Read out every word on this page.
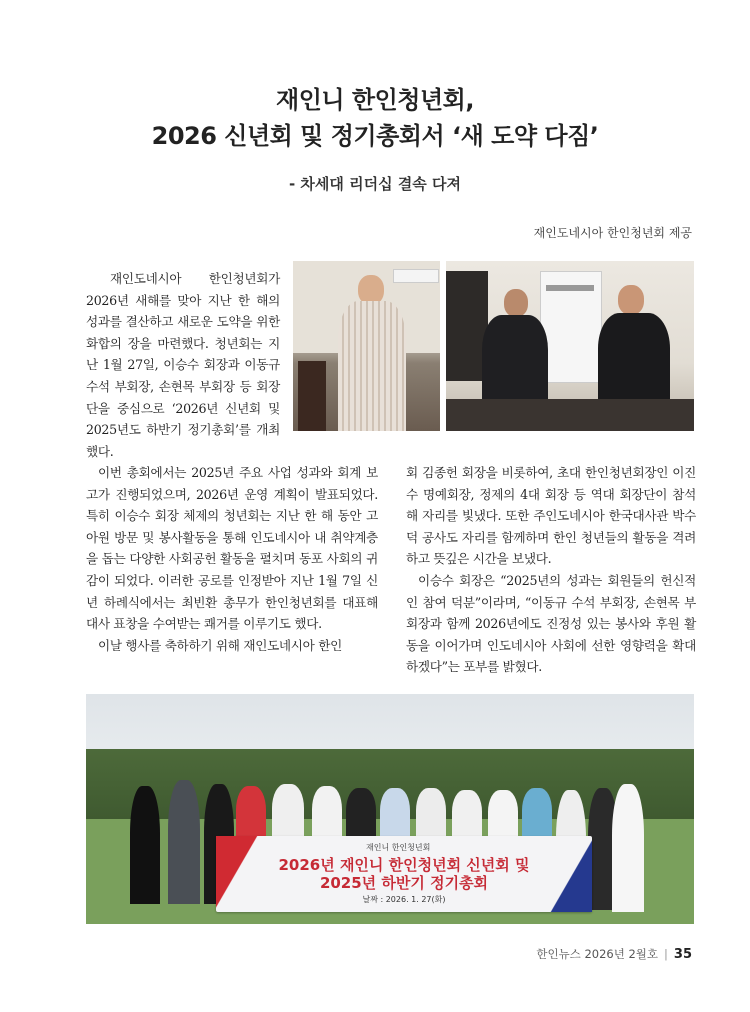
재인니 한인청년회,
2026 신년회 및 정기총회서 ‘새 도약 다짐’
- 차세대 리더십 결속 다져
재인도네시아 한인청년회 제공

재인도네시아 한인청년회가 2026년 새해를 맞아 지난 한 해의 성과를 결산하고 새로운 도약을 위한 화합의 장을 마련했다. 청년회는 지난 1월 27일, 이승수 회장과 이동규 수석 부회장, 손현목 부회장 등 회장단을 중심으로 ‘2026년 신년회 및 2025년도 하반기 정기총회’를 개최했다.

이번 총회에서는 2025년 주요 사업 성과와 회계 보고가 진행되었으며, 2026년 운영 계획이 발표되었다. 특히 이승수 회장 체제의 청년회는 지난 한 해 동안 고아원 방문 및 봉사활동을 통해 인도네시아 내 취약계층을 돕는 다양한 사회공헌 활동을 펼치며 동포 사회의 귀감이 되었다. 이러한 공로를 인정받아 지난 1월 7일 신년 하례식에서는 최빈환 총무가 한인청년회를 대표해 대사 표창을 수여받는 쾌거를 이루기도 했다.

이날 행사를 축하하기 위해 재인도네시아 한인

회 김종헌 회장을 비롯하여, 초대 한인청년회장인 이진수 명예회장, 정제의 4대 회장 등 역대 회장단이 참석해 자리를 빛냈다. 또한 주인도네시아 한국대사관 박수덕 공사도 자리를 함께하며 한인 청년들의 활동을 격려하고 뜻깊은 시간을 보냈다.

이승수 회장은 “2025년의 성과는 회원들의 헌신적인 참여 덕분”이라며, “이동규 수석 부회장, 손현목 부회장과 함께 2026년에도 진정성 있는 봉사와 후원 활동을 이어가며 인도네시아 사회에 선한 영향력을 확대하겠다”는 포부를 밝혔다.

재인니 한인청년회
2026년 재인니 한인청년회 신년회 및
2025년 하반기 정기총회
날짜 : 2026. 1. 27(화)
한인뉴스 2026년 2월호 | 35
